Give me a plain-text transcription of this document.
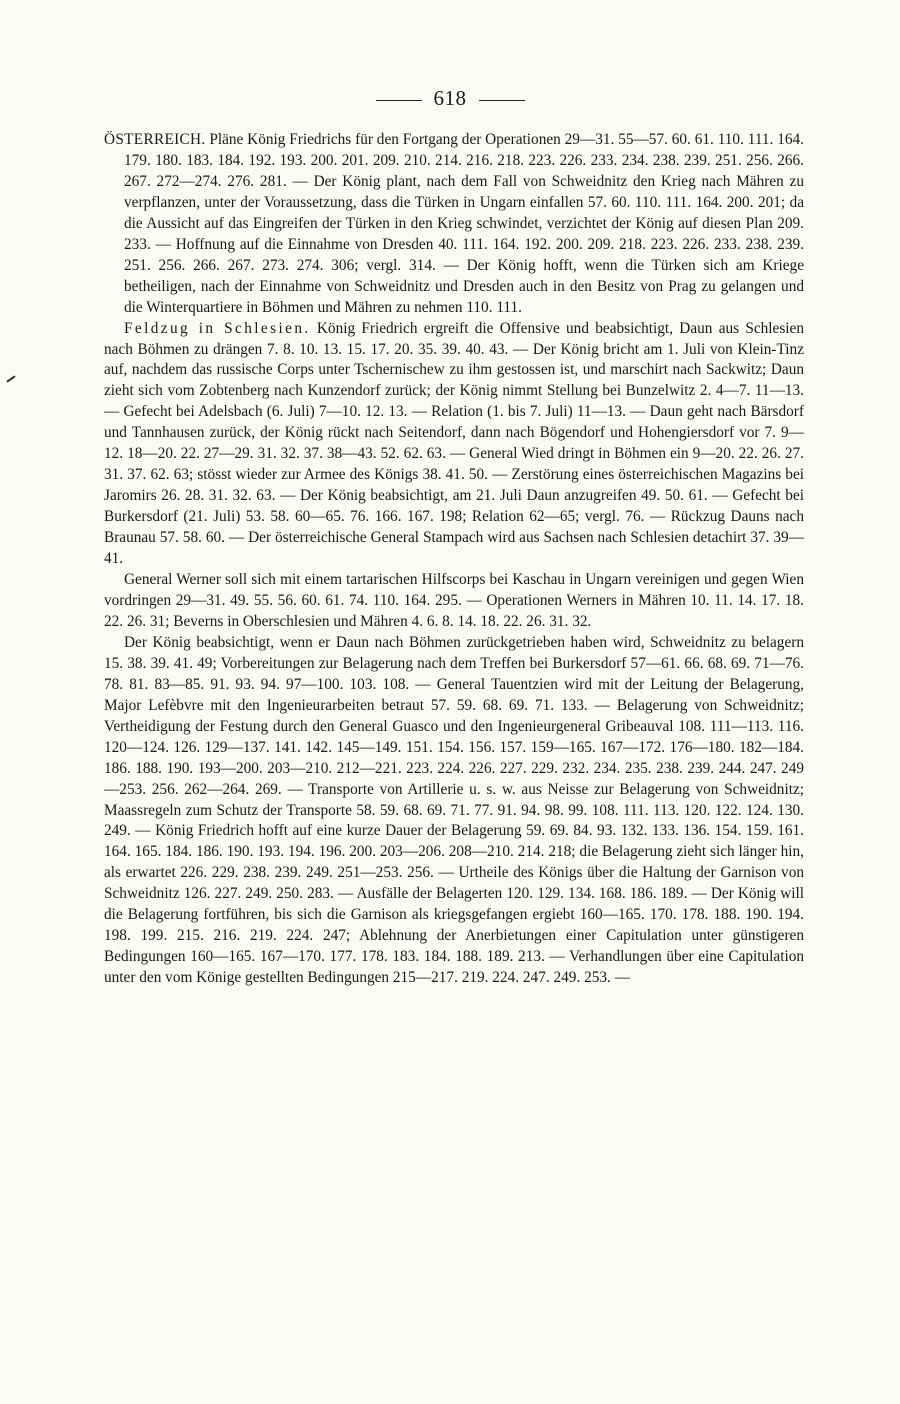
618

ÖSTERREICH. Pläne König Friedrichs für den Fortgang der Operationen 29—31. 55—57. 60. 61. 110. 111. 164. 179. 180. 183. 184. 192. 193. 200. 201. 209. 210. 214. 216. 218. 223. 226. 233. 234. 238. 239. 251. 256. 266. 267. 272—274. 276. 281. — Der König plant, nach dem Fall von Schweidnitz den Krieg nach Mähren zu verpflanzen, unter der Voraussetzung, dass die Türken in Ungarn einfallen 57. 60. 110. 111. 164. 200. 201; da die Aussicht auf das Eingreifen der Türken in den Krieg schwindet, verzichtet der König auf diesen Plan 209. 233. — Hoffnung auf die Einnahme von Dresden 40. 111. 164. 192. 200. 209. 218. 223. 226. 233. 238. 239. 251. 256. 266. 267. 273. 274. 306; vergl. 314. — Der König hofft, wenn die Türken sich am Kriege betheiligen, nach der Einnahme von Schweidnitz und Dresden auch in den Besitz von Prag zu gelangen und die Winterquartiere in Böhmen und Mähren zu nehmen 110. 111.

Feldzug in Schlesien. König Friedrich ergreift die Offensive und beabsichtigt, Daun aus Schlesien nach Böhmen zu drängen 7. 8. 10. 13. 15. 17. 20. 35. 39. 40. 43. — Der König bricht am 1. Juli von Klein-Tinz auf, nachdem das russische Corps unter Tschernischew zu ihm gestossen ist, und marschirt nach Sackwitz; Daun zieht sich vom Zobtenberg nach Kunzendorf zurück; der König nimmt Stellung bei Bunzelwitz 2. 4—7. 11—13. — Gefecht bei Adelsbach (6. Juli) 7—10. 12. 13. — Relation (1. bis 7. Juli) 11—13. — Daun geht nach Bärsdorf und Tannhausen zurück, der König rückt nach Seitendorf, dann nach Bögendorf und Hohengiersdorf vor 7. 9—12. 18—20. 22. 27—29. 31. 32. 37. 38—43. 52. 62. 63. — General Wied dringt in Böhmen ein 9—20. 22. 26. 27. 31. 37. 62. 63; stösst wieder zur Armee des Königs 38. 41. 50. — Zerstörung eines österreichischen Magazins bei Jaromirs 26. 28. 31. 32. 63. — Der König beabsichtigt, am 21. Juli Daun anzugreifen 49. 50. 61. — Gefecht bei Burkersdorf (21. Juli) 53. 58. 60—65. 76. 166. 167. 198; Relation 62—65; vergl. 76. — Rückzug Dauns nach Braunau 57. 58. 60. — Der österreichische General Stampach wird aus Sachsen nach Schlesien detachirt 37. 39—41.

General Werner soll sich mit einem tartarischen Hilfscorps bei Kaschau in Ungarn vereinigen und gegen Wien vordringen 29—31. 49. 55. 56. 60. 61. 74. 110. 164. 295. — Operationen Werners in Mähren 10. 11. 14. 17. 18. 22. 26. 31; Beverns in Oberschlesien und Mähren 4. 6. 8. 14. 18. 22. 26. 31. 32.

Der König beabsichtigt, wenn er Daun nach Böhmen zurückgetrieben haben wird, Schweidnitz zu belagern 15. 38. 39. 41. 49; Vorbereitungen zur Belagerung nach dem Treffen bei Burkersdorf 57—61. 66. 68. 69. 71—76. 78. 81. 83—85. 91. 93. 94. 97—100. 103. 108. — General Tauentzien wird mit der Leitung der Belagerung, Major Lefèbvre mit den Ingenieurarbeiten betraut 57. 59. 68. 69. 71. 133. — Belagerung von Schweidnitz; Vertheidigung der Festung durch den General Guasco und den Ingenieurgeneral Gribeauval 108. 111—113. 116. 120—124. 126. 129—137. 141. 142. 145—149. 151. 154. 156. 157. 159—165. 167—172. 176—180. 182—184. 186. 188. 190. 193—200. 203—210. 212—221. 223. 224. 226. 227. 229. 232. 234. 235. 238. 239. 244. 247. 249—253. 256. 262—264. 269. — Transporte von Artillerie u. s. w. aus Neisse zur Belagerung von Schweidnitz; Maassregeln zum Schutz der Transporte 58. 59. 68. 69. 71. 77. 91. 94. 98. 99. 108. 111. 113. 120. 122. 124. 130. 249. — König Friedrich hofft auf eine kurze Dauer der Belagerung 59. 69. 84. 93. 132. 133. 136. 154. 159. 161. 164. 165. 184. 186. 190. 193. 194. 196. 200. 203—206. 208—210. 214. 218; die Belagerung zieht sich länger hin, als erwartet 226. 229. 238. 239. 249. 251—253. 256. — Urtheile des Königs über die Haltung der Garnison von Schweidnitz 126. 227. 249. 250. 283. — Ausfälle der Belagerten 120. 129. 134. 168. 186. 189. — Der König will die Belagerung fortführen, bis sich die Garnison als kriegsgefangen ergiebt 160—165. 170. 178. 188. 190. 194. 198. 199. 215. 216. 219. 224. 247; Ablehnung der Anerbietungen einer Capitulation unter günstigeren Bedingungen 160—165. 167—170. 177. 178. 183. 184. 188. 189. 213. — Verhandlungen über eine Capitulation unter den vom Könige gestellten Bedingungen 215—217. 219. 224. 247. 249. 253. —
